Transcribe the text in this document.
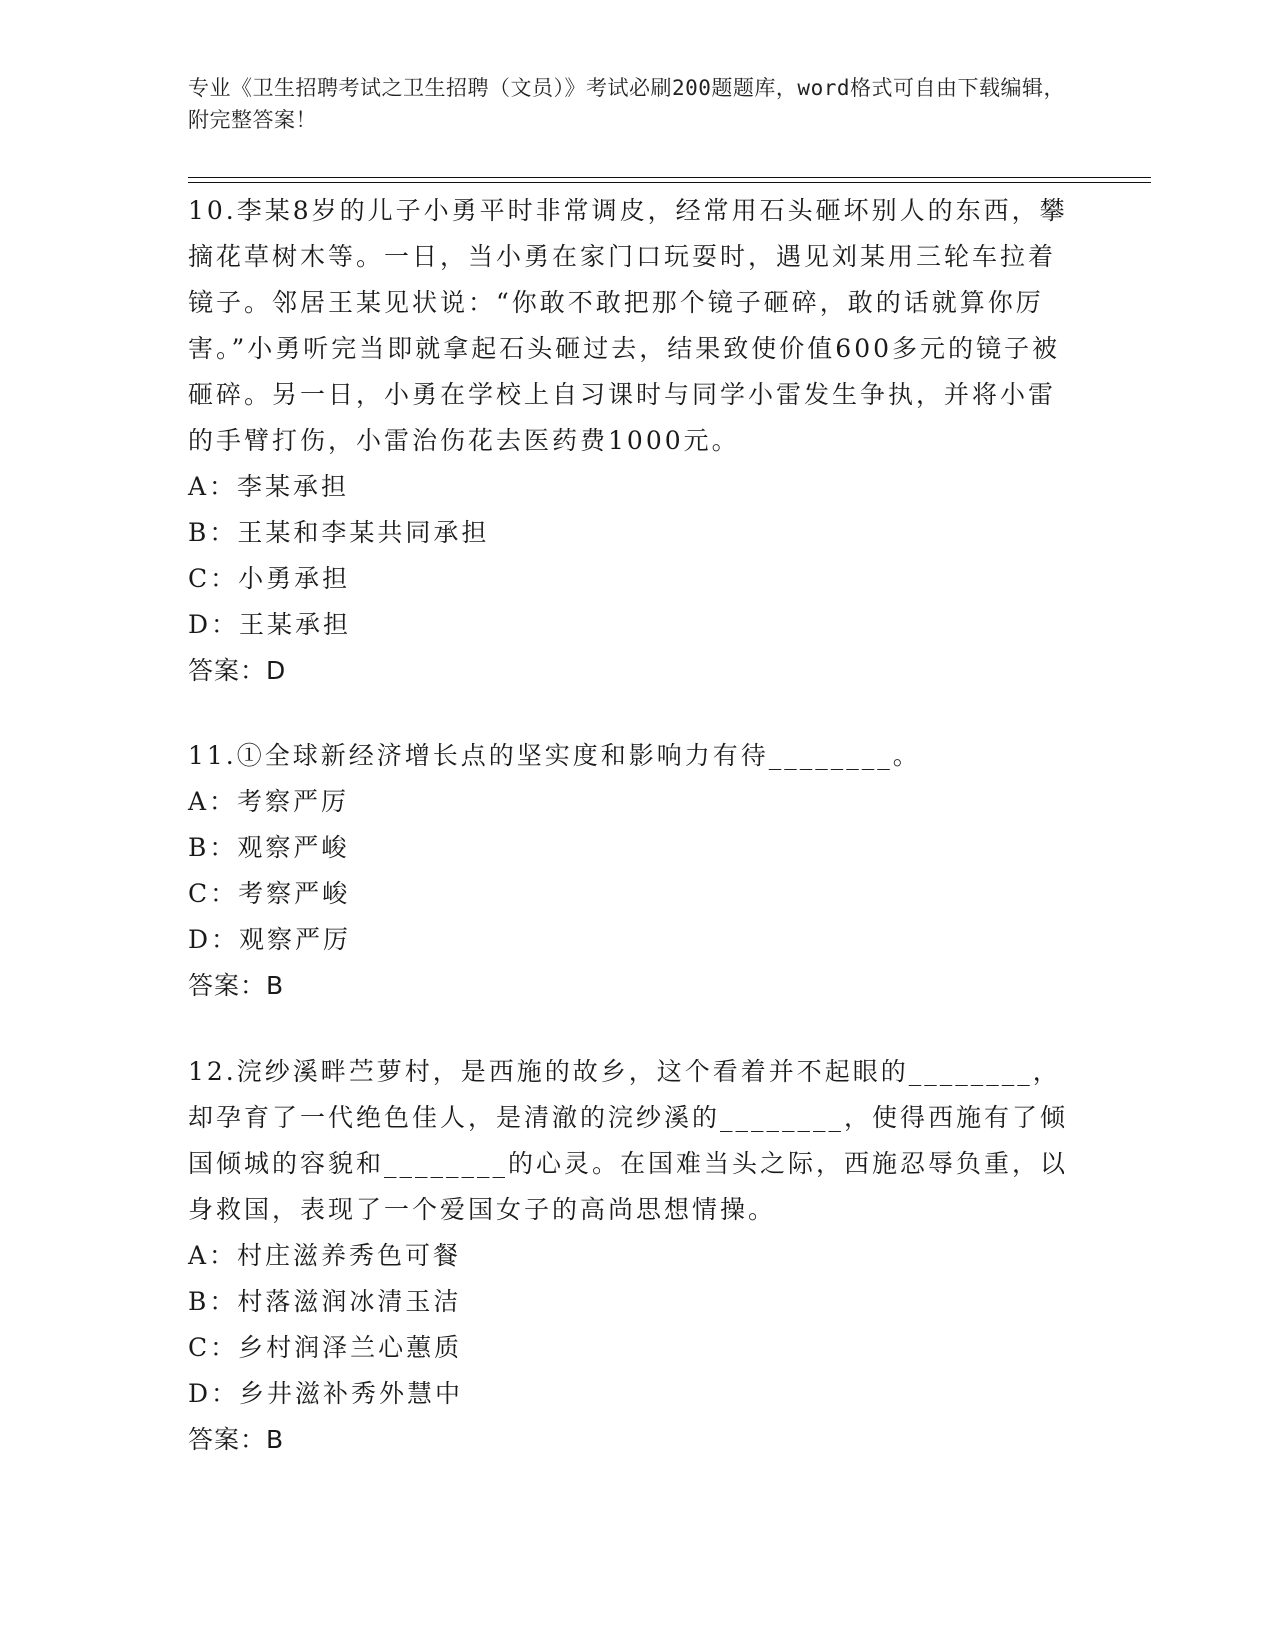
专业《卫生招聘考试之卫生招聘（文员）》考试必刷200题题库，word格式可自由下载编辑，附完整答案！

10.李某8岁的儿子小勇平时非常调皮，经常用石头砸坏别人的东西，攀摘花草树木等。一日，当小勇在家门口玩耍时，遇见刘某用三轮车拉着镜子。邻居王某见状说：“你敢不敢把那个镜子砸碎，敢的话就算你厉害。”小勇听完当即就拿起石头砸过去，结果致使价值600多元的镜子被砸碎。另一日，小勇在学校上自习课时与同学小雷发生争执，并将小雷的手臂打伤，小雷治伤花去医药费1000元。

A：李某承担

B：王某和李某共同承担

C：小勇承担

D：王某承担

答案：D

11.①全球新经济增长点的坚实度和影响力有待________。

A：考察严厉

B：观察严峻

C：考察严峻

D：观察严厉

答案：B

12.浣纱溪畔苎萝村，是西施的故乡，这个看着并不起眼的________，却孕育了一代绝色佳人，是清澈的浣纱溪的________，使得西施有了倾国倾城的容貌和________的心灵。在国难当头之际，西施忍辱负重，以身救国，表现了一个爱国女子的高尚思想情操。

A：村庄滋养秀色可餐

B：村落滋润冰清玉洁

C：乡村润泽兰心蕙质

D：乡井滋补秀外慧中

答案：B
